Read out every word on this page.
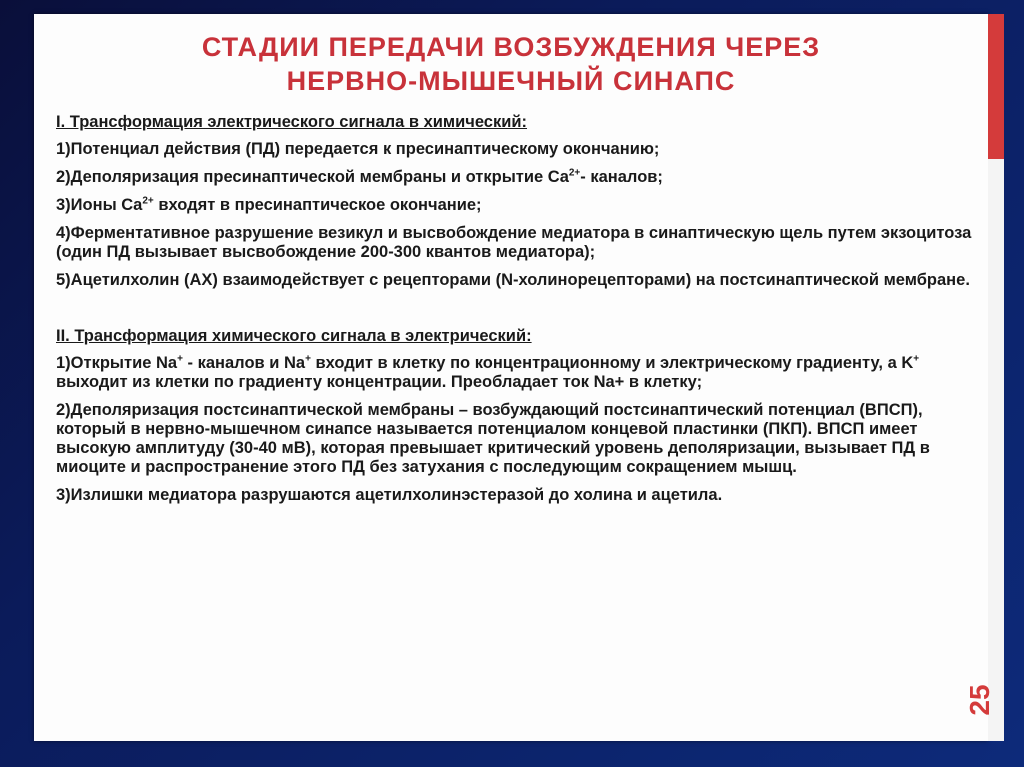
СТАДИИ ПЕРЕДАЧИ ВОЗБУЖДЕНИЯ ЧЕРЕЗ
НЕРВНО-МЫШЕЧНЫЙ СИНАПС
I. Трансформация электрического сигнала в химический:
1)Потенциал действия (ПД) передается к пресинаптическому окончанию;
2)Деполяризация пресинаптической мембраны и открытие $Ca^{2+}-$ каналов;
3)Ионы $Ca^{2+}$ входят в пресинаптическое окончание;
4)Ферментативное разрушение везикул и высвобождение медиатора в синаптическую щель путем экзоцитоза (один ПД вызывает высвобождение 200-300 квантов медиатора);
5)Ацетилхолин (АХ) взаимодействует с рецепторами (N-холинорецепторами) на постсинаптической мембране.
II. Трансформация химического сигнала в электрический:
1)Открытие Na+ - каналов и Na+ входит в клетку по концентрационному и электрическому градиенту, а K+ выходит из клетки по градиенту концентрации. Преобладает ток Na+ в клетку;
2)Деполяризация постсинаптической мембраны – возбуждающий постсинаптический потенциал (ВПСП), который в нервно-мышечном синапсе называется потенциалом концевой пластинки (ПКП). ВПСП имеет высокую амплитуду (30-40 мВ), которая превышает критический уровень деполяризации, вызывает ПД в миоците и распространение этого ПД без затухания с последующим сокращением мышц.
3)Излишки медиатора разрушаются ацетилхолинэстеразой до холина и ацетила.
25
